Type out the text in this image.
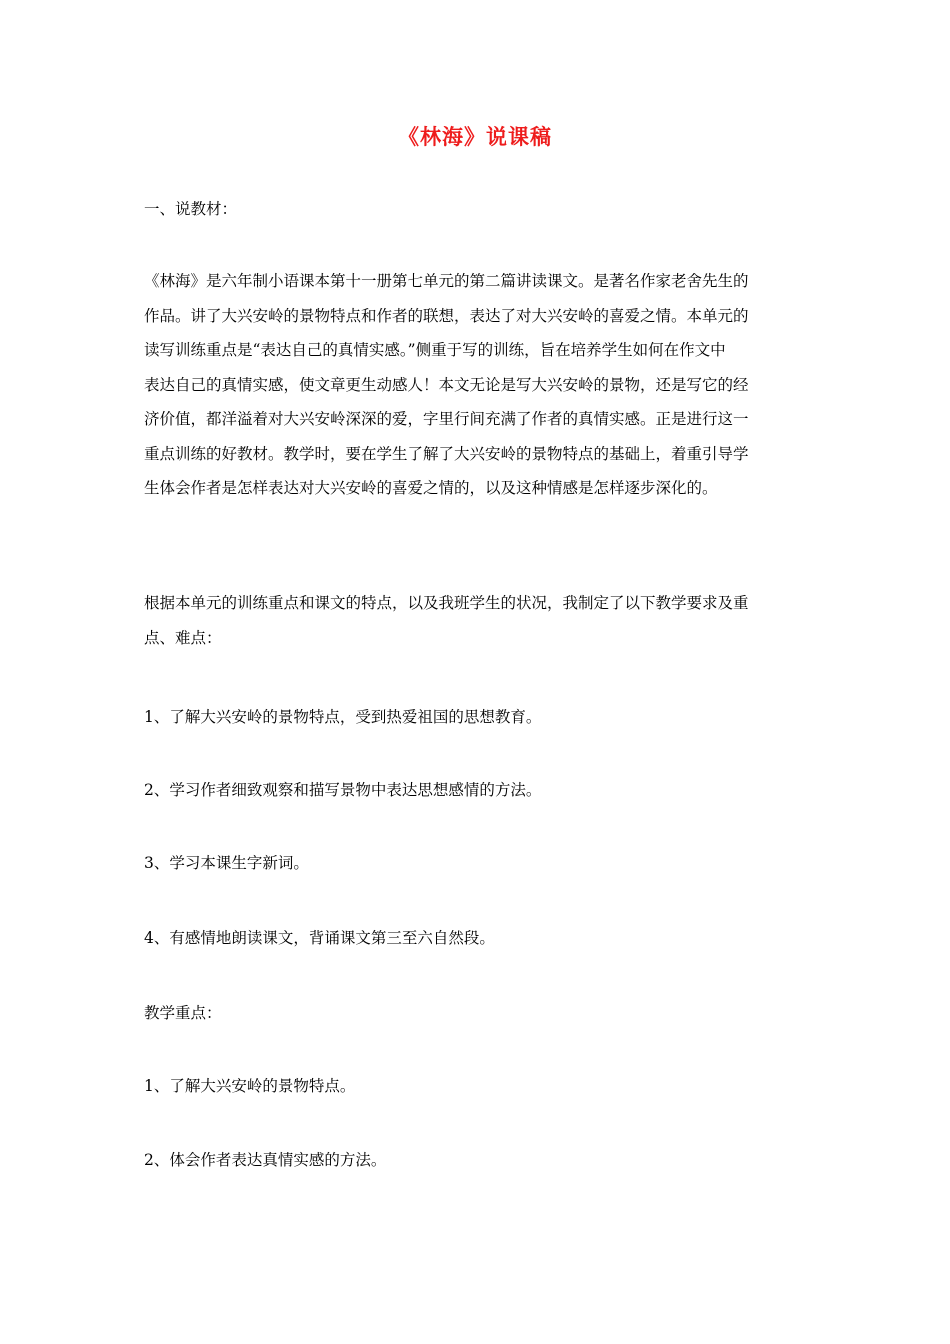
《林海》说课稿
一、说教材：
《林海》是六年制小语课本第十一册第七单元的第二篇讲读课文。是著名作家老舍先生的
作品。讲了大兴安岭的景物特点和作者的联想，表达了对大兴安岭的喜爱之情。本单元的
读写训练重点是“表达自己的真情实感。”侧重于写的训练，旨在培养学生如何在作文中
表达自己的真情实感，使文章更生动感人！本文无论是写大兴安岭的景物，还是写它的经
济价值，都洋溢着对大兴安岭深深的爱，字里行间充满了作者的真情实感。正是进行这一
重点训练的好教材。教学时，要在学生了解了大兴安岭的景物特点的基础上，着重引导学
生体会作者是怎样表达对大兴安岭的喜爱之情的，以及这种情感是怎样逐步深化的。
根据本单元的训练重点和课文的特点，以及我班学生的状况，我制定了以下教学要求及重
点、难点：
1、了解大兴安岭的景物特点，受到热爱祖国的思想教育。
2、学习作者细致观察和描写景物中表达思想感情的方法。
3、学习本课生字新词。
4、有感情地朗读课文，背诵课文第三至六自然段。
教学重点：
1、了解大兴安岭的景物特点。
2、体会作者表达真情实感的方法。
